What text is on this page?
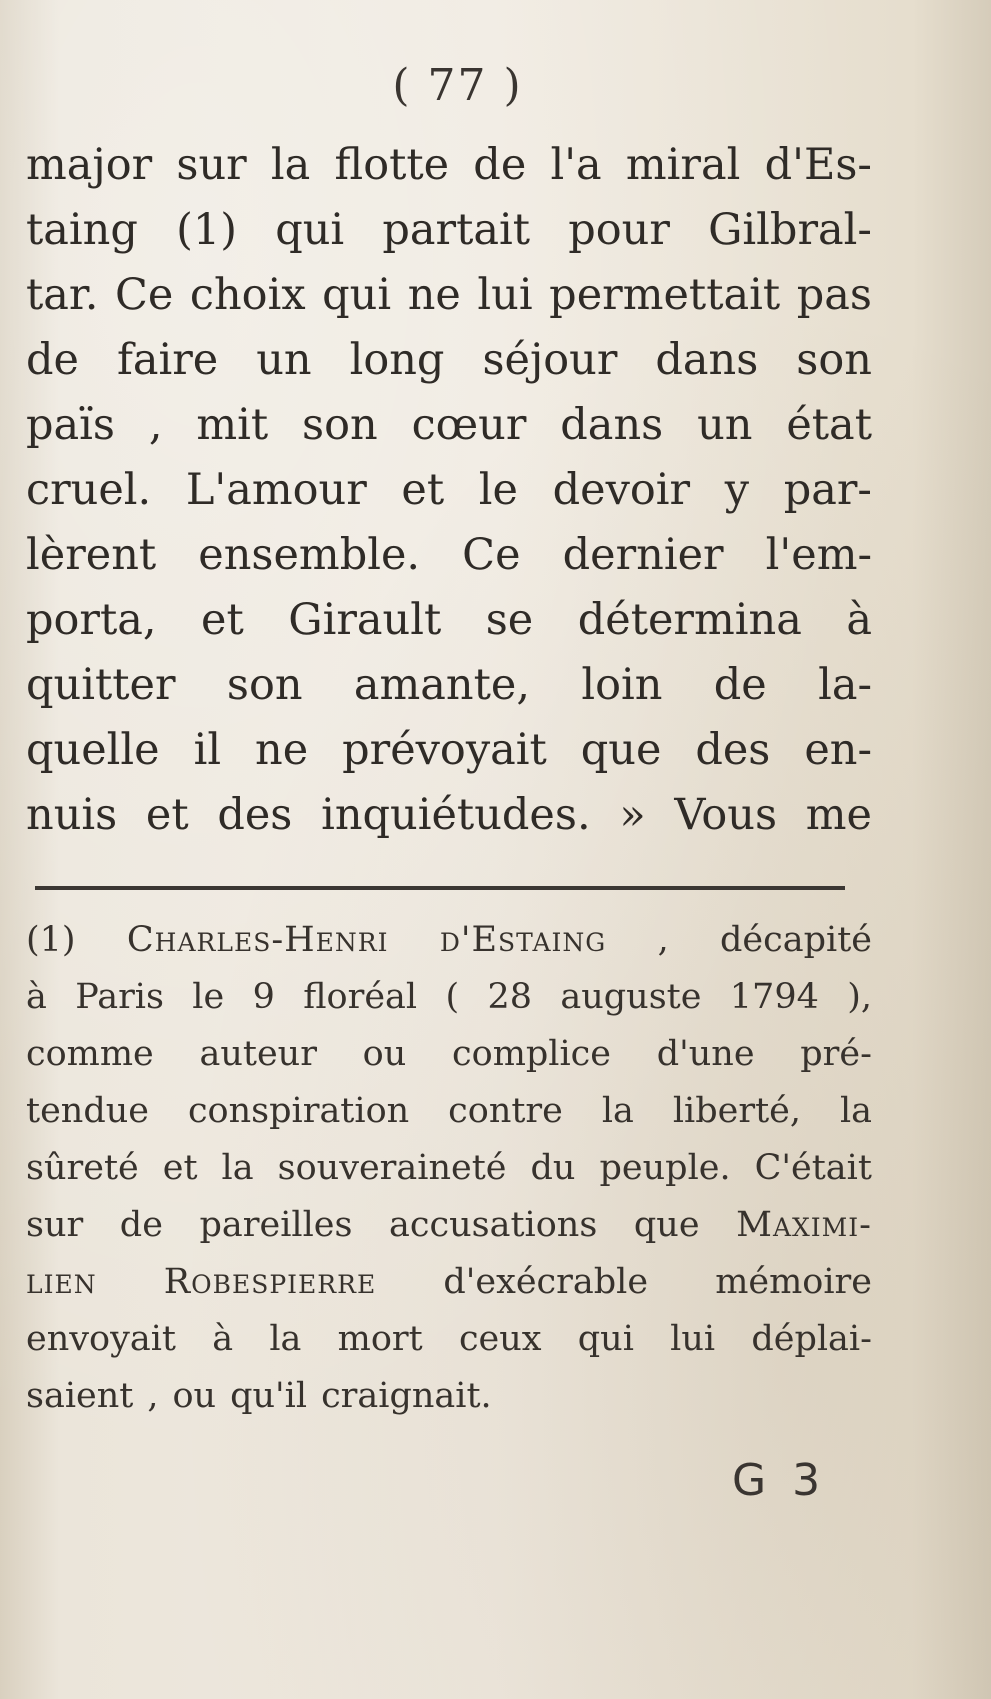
( 77 )
major sur la flotte de l'a miral d'Es-
taing (1) qui partait pour Gilbral-
tar. Ce choix qui ne lui permettait pas
de faire un long séjour dans son
païs , mit son cœur dans un état
cruel. L'amour et le devoir y par-
lèrent ensemble. Ce dernier l'em-
porta, et Girault se détermina à
quitter son amante, loin de la-
quelle il ne prévoyait que des en-
nuis et des inquiétudes. » Vous me
(1) Charles-Henri d'Estaing , décapité
à Paris le 9 floréal ( 28 auguste 1794 ),
comme auteur ou complice d'une pré-
tendue conspiration contre la liberté, la
sûreté et la souveraineté du peuple. C'était
sur de pareilles accusations que Maximi-
lien Robespierre d'exécrable mémoire
envoyait à la mort ceux qui lui déplai-
saient , ou qu'il craignait.
G 3
